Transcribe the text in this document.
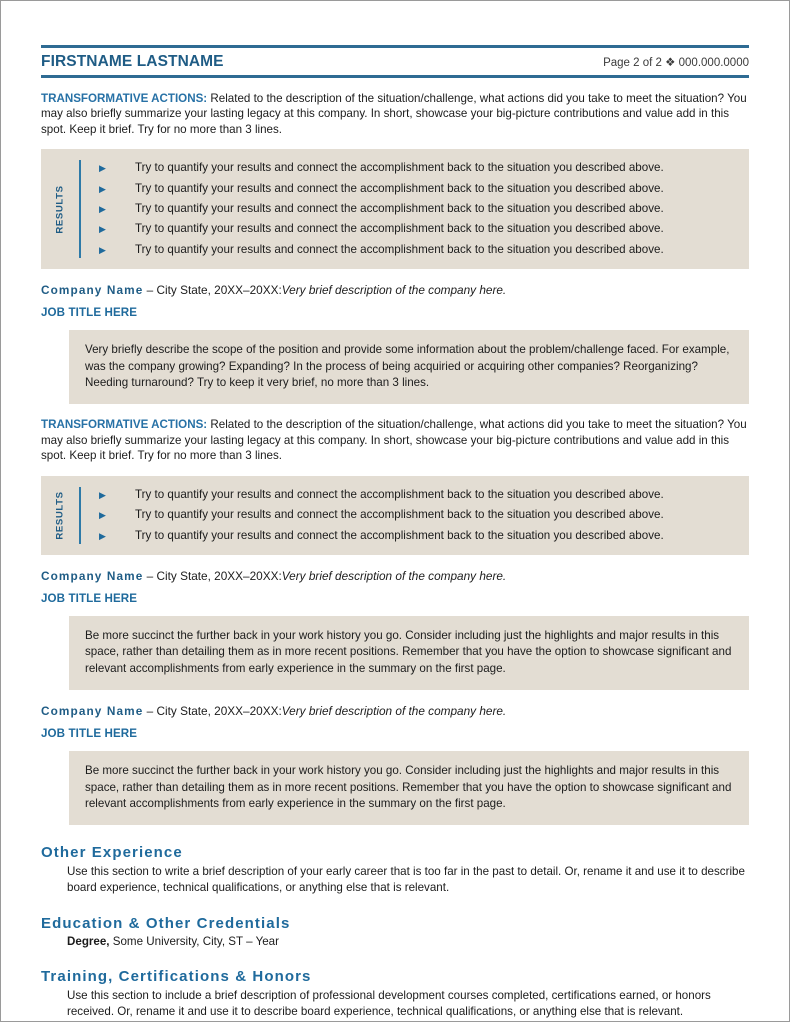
FIRSTNAME LASTNAME	Page 2 of 2 ❖ 000.000.0000
TRANSFORMATIVE ACTIONS: Related to the description of the situation/challenge, what actions did you take to meet the situation? You may also briefly summarize your lasting legacy at this company. In short, showcase your big-picture contributions and value add in this spot. Keep it brief. Try for no more than 3 lines.
RESULTS
▶	Try to quantify your results and connect the accomplishment back to the situation you described above.
▶	Try to quantify your results and connect the accomplishment back to the situation you described above.
▶	Try to quantify your results and connect the accomplishment back to the situation you described above.
▶	Try to quantify your results and connect the accomplishment back to the situation you described above.
▶	Try to quantify your results and connect the accomplishment back to the situation you described above.
Company Name – City State, 20XX–20XX:Very brief description of the company here.
JOB TITLE HERE
Very briefly describe the scope of the position and provide some information about the problem/challenge faced. For example, was the company growing? Expanding? In the process of being acquiried or acquiring other companies? Reorganizing? Needing turnaround? Try to keep it very brief, no more than 3 lines.
TRANSFORMATIVE ACTIONS: Related to the description of the situation/challenge, what actions did you take to meet the situation? You may also briefly summarize your lasting legacy at this company. In short, showcase your big-picture contributions and value add in this spot. Keep it brief. Try for no more than 3 lines.
RESULTS	▶	Try to quantify your results and connect the accomplishment back to the situation you described above.
▶	Try to quantify your results and connect the accomplishment back to the situation you described above.
▶	Try to quantify your results and connect the accomplishment back to the situation you described above.
Company Name – City State, 20XX–20XX:Very brief description of the company here.
JOB TITLE HERE
Be more succinct the further back in your work history you go. Consider including just the highlights and major results in this space, rather than detailing them as in more recent positions. Remember that you have the option to showcase significant and relevant accomplishments from early experience in the summary on the first page.
Company Name – City State, 20XX–20XX:Very brief description of the company here.
JOB TITLE HERE
Be more succinct the further back in your work history you go. Consider including just the highlights and major results in this space, rather than detailing them as in more recent positions. Remember that you have the option to showcase significant and relevant accomplishments from early experience in the summary on the first page.
Other Experience
Use this section to write a brief description of your early career that is too far in the past to detail. Or, rename it and use it to describe board experience, technical qualifications, or anything else that is relevant.
Education & Other Credentials
Degree, Some University, City, ST – Year
Training, Certifications & Honors
Use this section to include a brief description of professional development courses completed, certifications earned, or honors received. Or, rename it and use it to describe board experience, technical qualifications, or anything else that is relevant.
